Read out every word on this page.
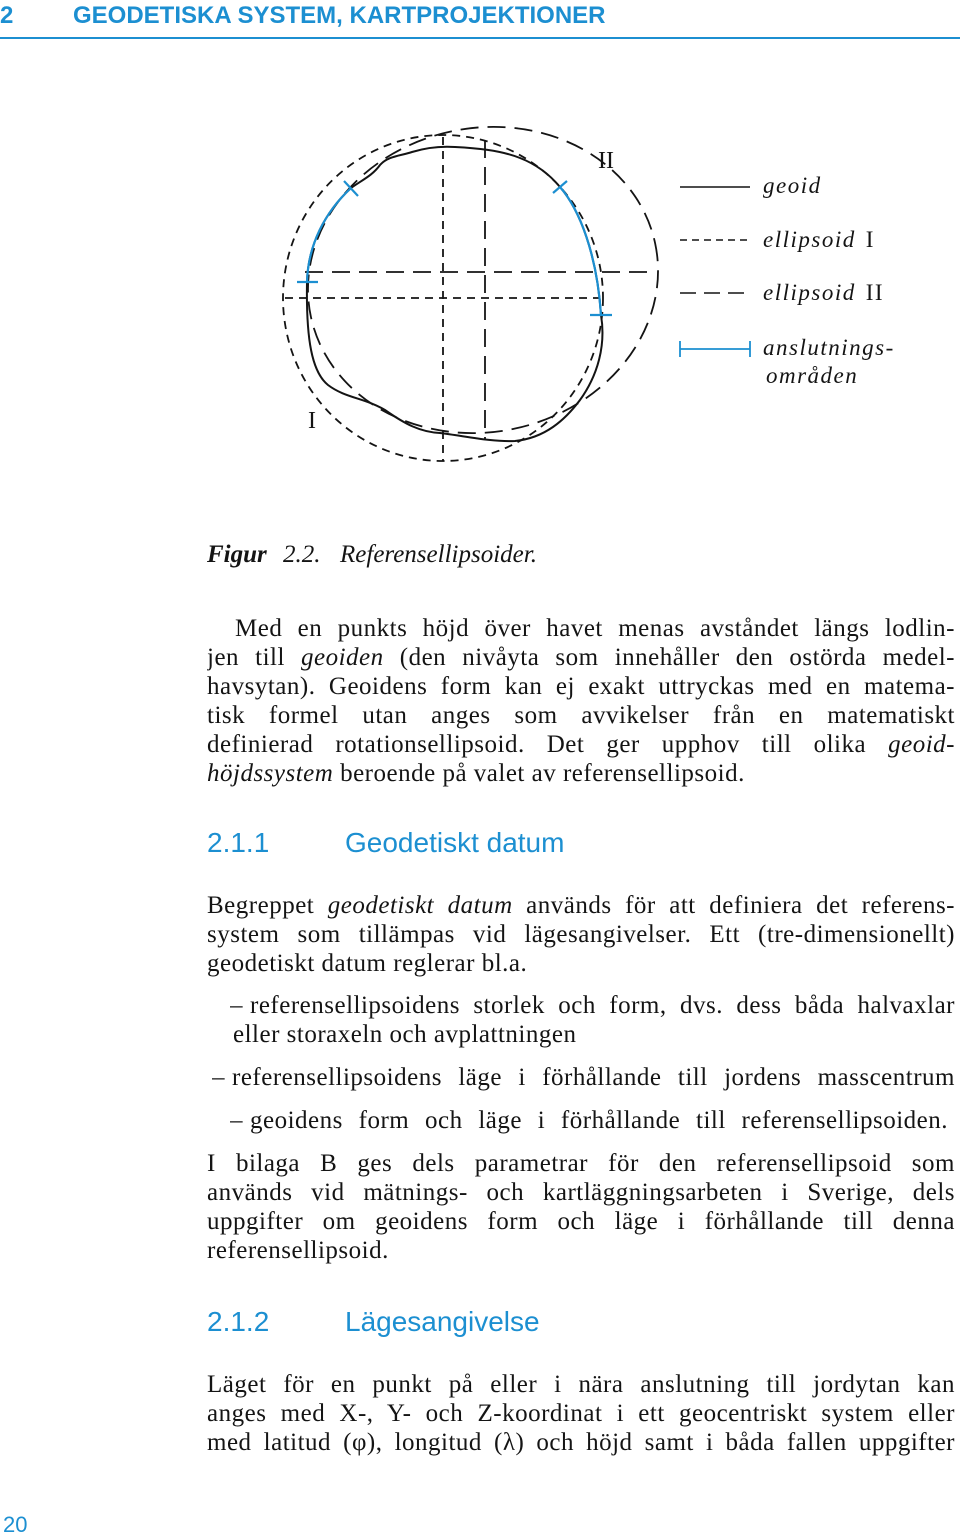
2 GEODETISKA SYSTEM, KARTPROJEKTIONER
II
I
geoid
ellipsoid I
ellipsoid II
anslutnings-
områden
Figur 2.2. Referensellipsoider.
Med en punkts höjd över havet menas avståndet längs lodlin-
jen till geoiden (den nivåyta som innehåller den ostörda medel-
havsytan). Geoidens form kan ej exakt uttryckas med en matema-
tisk formel utan anges som avvikelser från en matematiskt
definierad rotationsellipsoid. Det ger upphov till olika geoid-
höjdssystem beroende på valet av referensellipsoid.
2.1.1	Geodetiskt datum
Begreppet geodetiskt datum används för att definiera det referens-
system som tillämpas vid lägesangivelser. Ett (tre-dimensionellt)
geodetiskt datum reglerar bl.a.
– referensellipsoidens storlek och form, dvs. dess båda halvaxlar
eller storaxeln och avplattningen
– referensellipsoidens läge i förhållande till jordens masscentrum
– geoidens form och läge i förhållande till referensellipsoiden.
I bilaga B ges dels parametrar för den referensellipsoid som
används vid mätnings- och kartläggningsarbeten i Sverige, dels
uppgifter om geoidens form och läge i förhållande till denna
referensellipsoid.
2.1.2	Lägesangivelse
Läget för en punkt på eller i nära anslutning till jordytan kan
anges med X-, Y- och Z-koordinat i ett geocentriskt system eller
med latitud (φ), longitud (λ) och höjd samt i båda fallen uppgifter
20
